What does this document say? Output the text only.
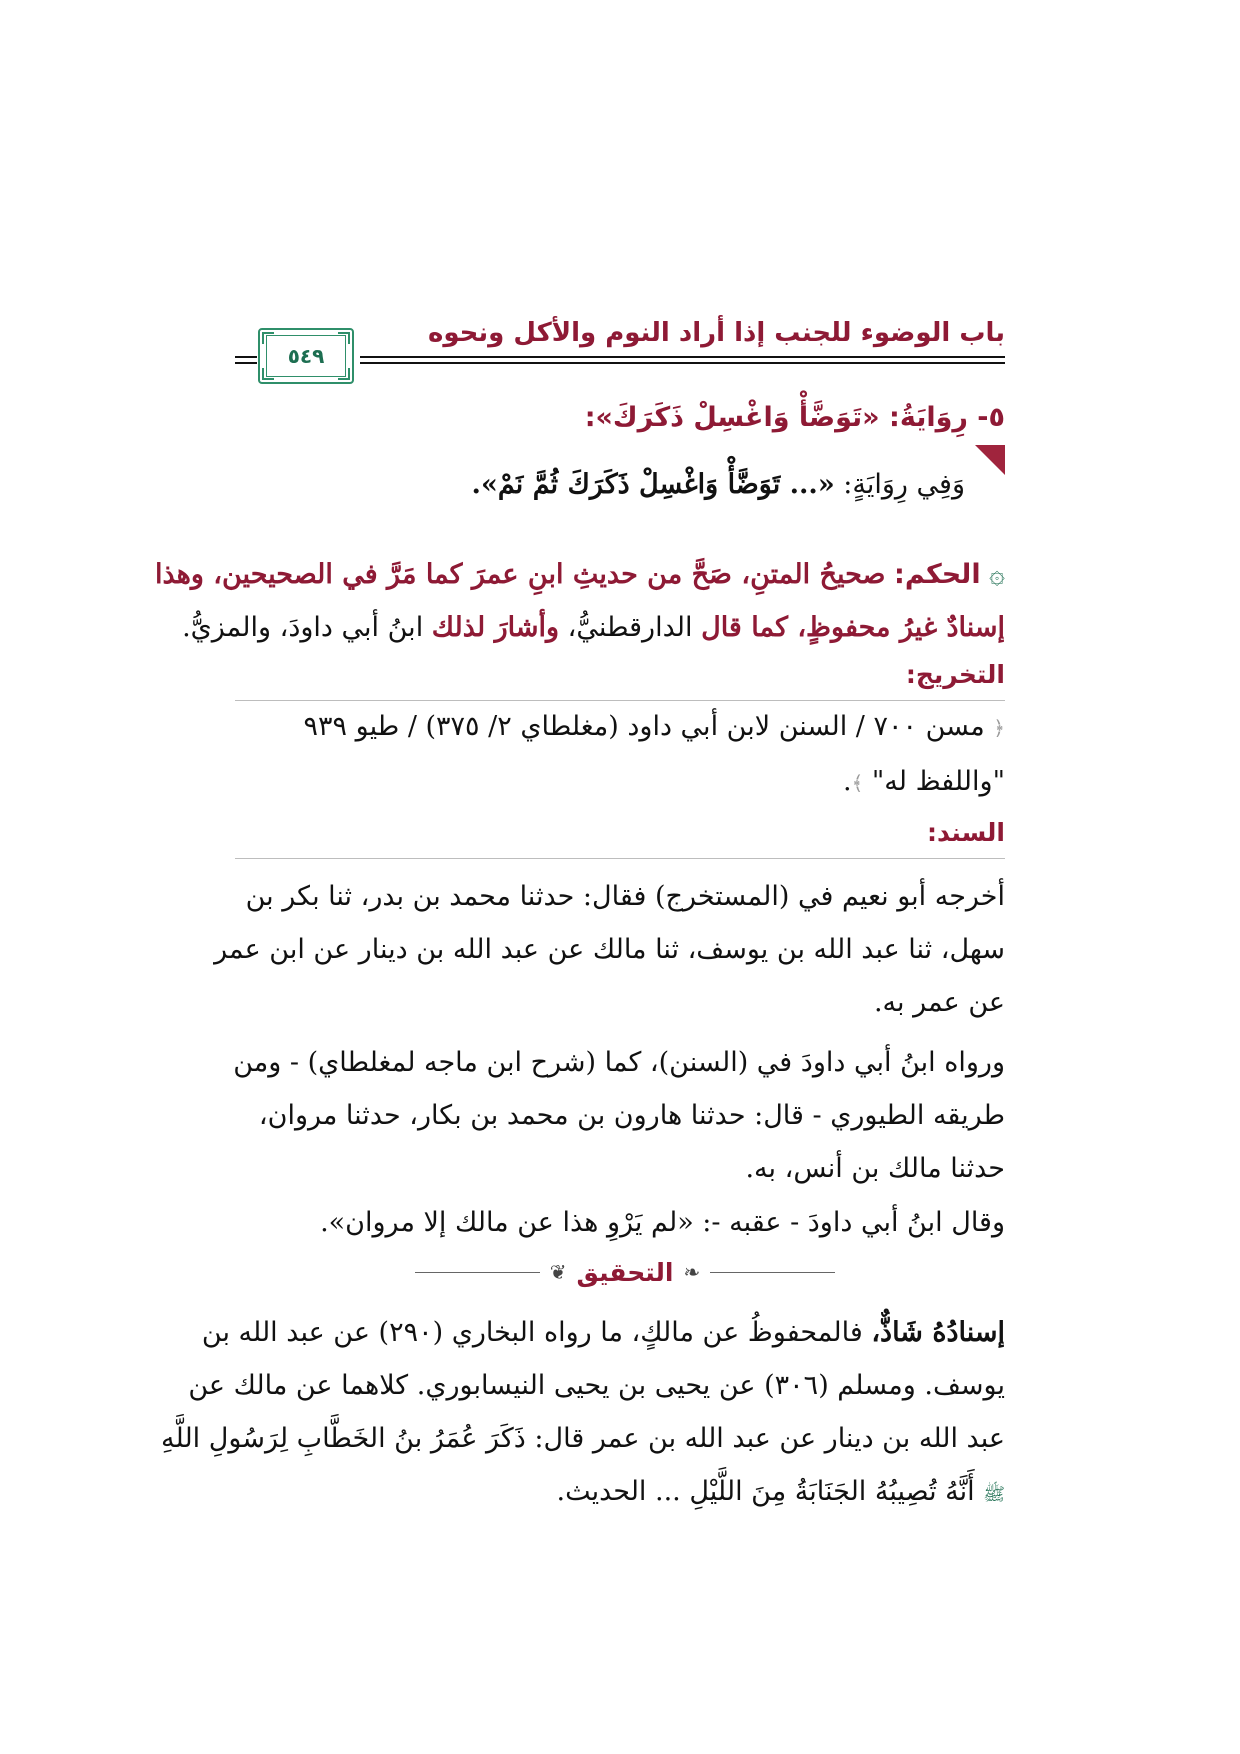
باب الوضوء للجنب إذا أراد النوم والأكل ونحوه
٥٤٩
٥- رِوَايَةُ: «تَوَضَّأْ وَاغْسِلْ ذَكَرَكَ»:
وَفِي رِوَايَةٍ: «... تَوَضَّأْ وَاغْسِلْ ذَكَرَكَ ثُمَّ نَمْ».
۞ الحكم: صحيحُ المتنِ، صَحَّ من حديثِ ابنِ عمرَ كما مَرَّ في الصحيحين، وهذا
إسنادٌ غيرُ محفوظٍ، كما قال الدارقطنيُّ، وأشارَ لذلك ابنُ أبي داودَ، والمزيُّ.
التخريج:
﴿ مسن ٧٠٠ / السنن لابن أبي داود (مغلطاي ٢/ ٣٧٥) / طيو ٩٣٩
"واللفظ له" ﴾.
السند:
أخرجه أبو نعيم في (المستخرج) فقال: حدثنا محمد بن بدر، ثنا بكر بن
سهل، ثنا عبد الله بن يوسف، ثنا مالك عن عبد الله بن دينار عن ابن عمر
عن عمر به.
ورواه ابنُ أبي داودَ في (السنن)، كما (شرح ابن ماجه لمغلطاي) - ومن
طريقه الطيوري - قال: حدثنا هارون بن محمد بن بكار، حدثنا مروان،
حدثنا مالك بن أنس، به.
وقال ابنُ أبي داودَ - عقبه -: «لم يَرْوِ هذا عن مالك إلا مروان».
❦ التحقيق ❧
إسنادُهُ شَاذٌّ، فالمحفوظُ عن مالكٍ، ما رواه البخاري (٢٩٠) عن عبد الله بن
يوسف. ومسلم (٣٠٦) عن يحيى بن يحيى النيسابوري. كلاهما عن مالك عن
عبد الله بن دينار عن عبد الله بن عمر قال: ذَكَرَ عُمَرُ بنُ الخَطَّابِ لِرَسُولِ اللَّهِ
ﷺ أَنَّهُ تُصِيبُهُ الجَنَابَةُ مِنَ اللَّيْلِ ... الحديث.
